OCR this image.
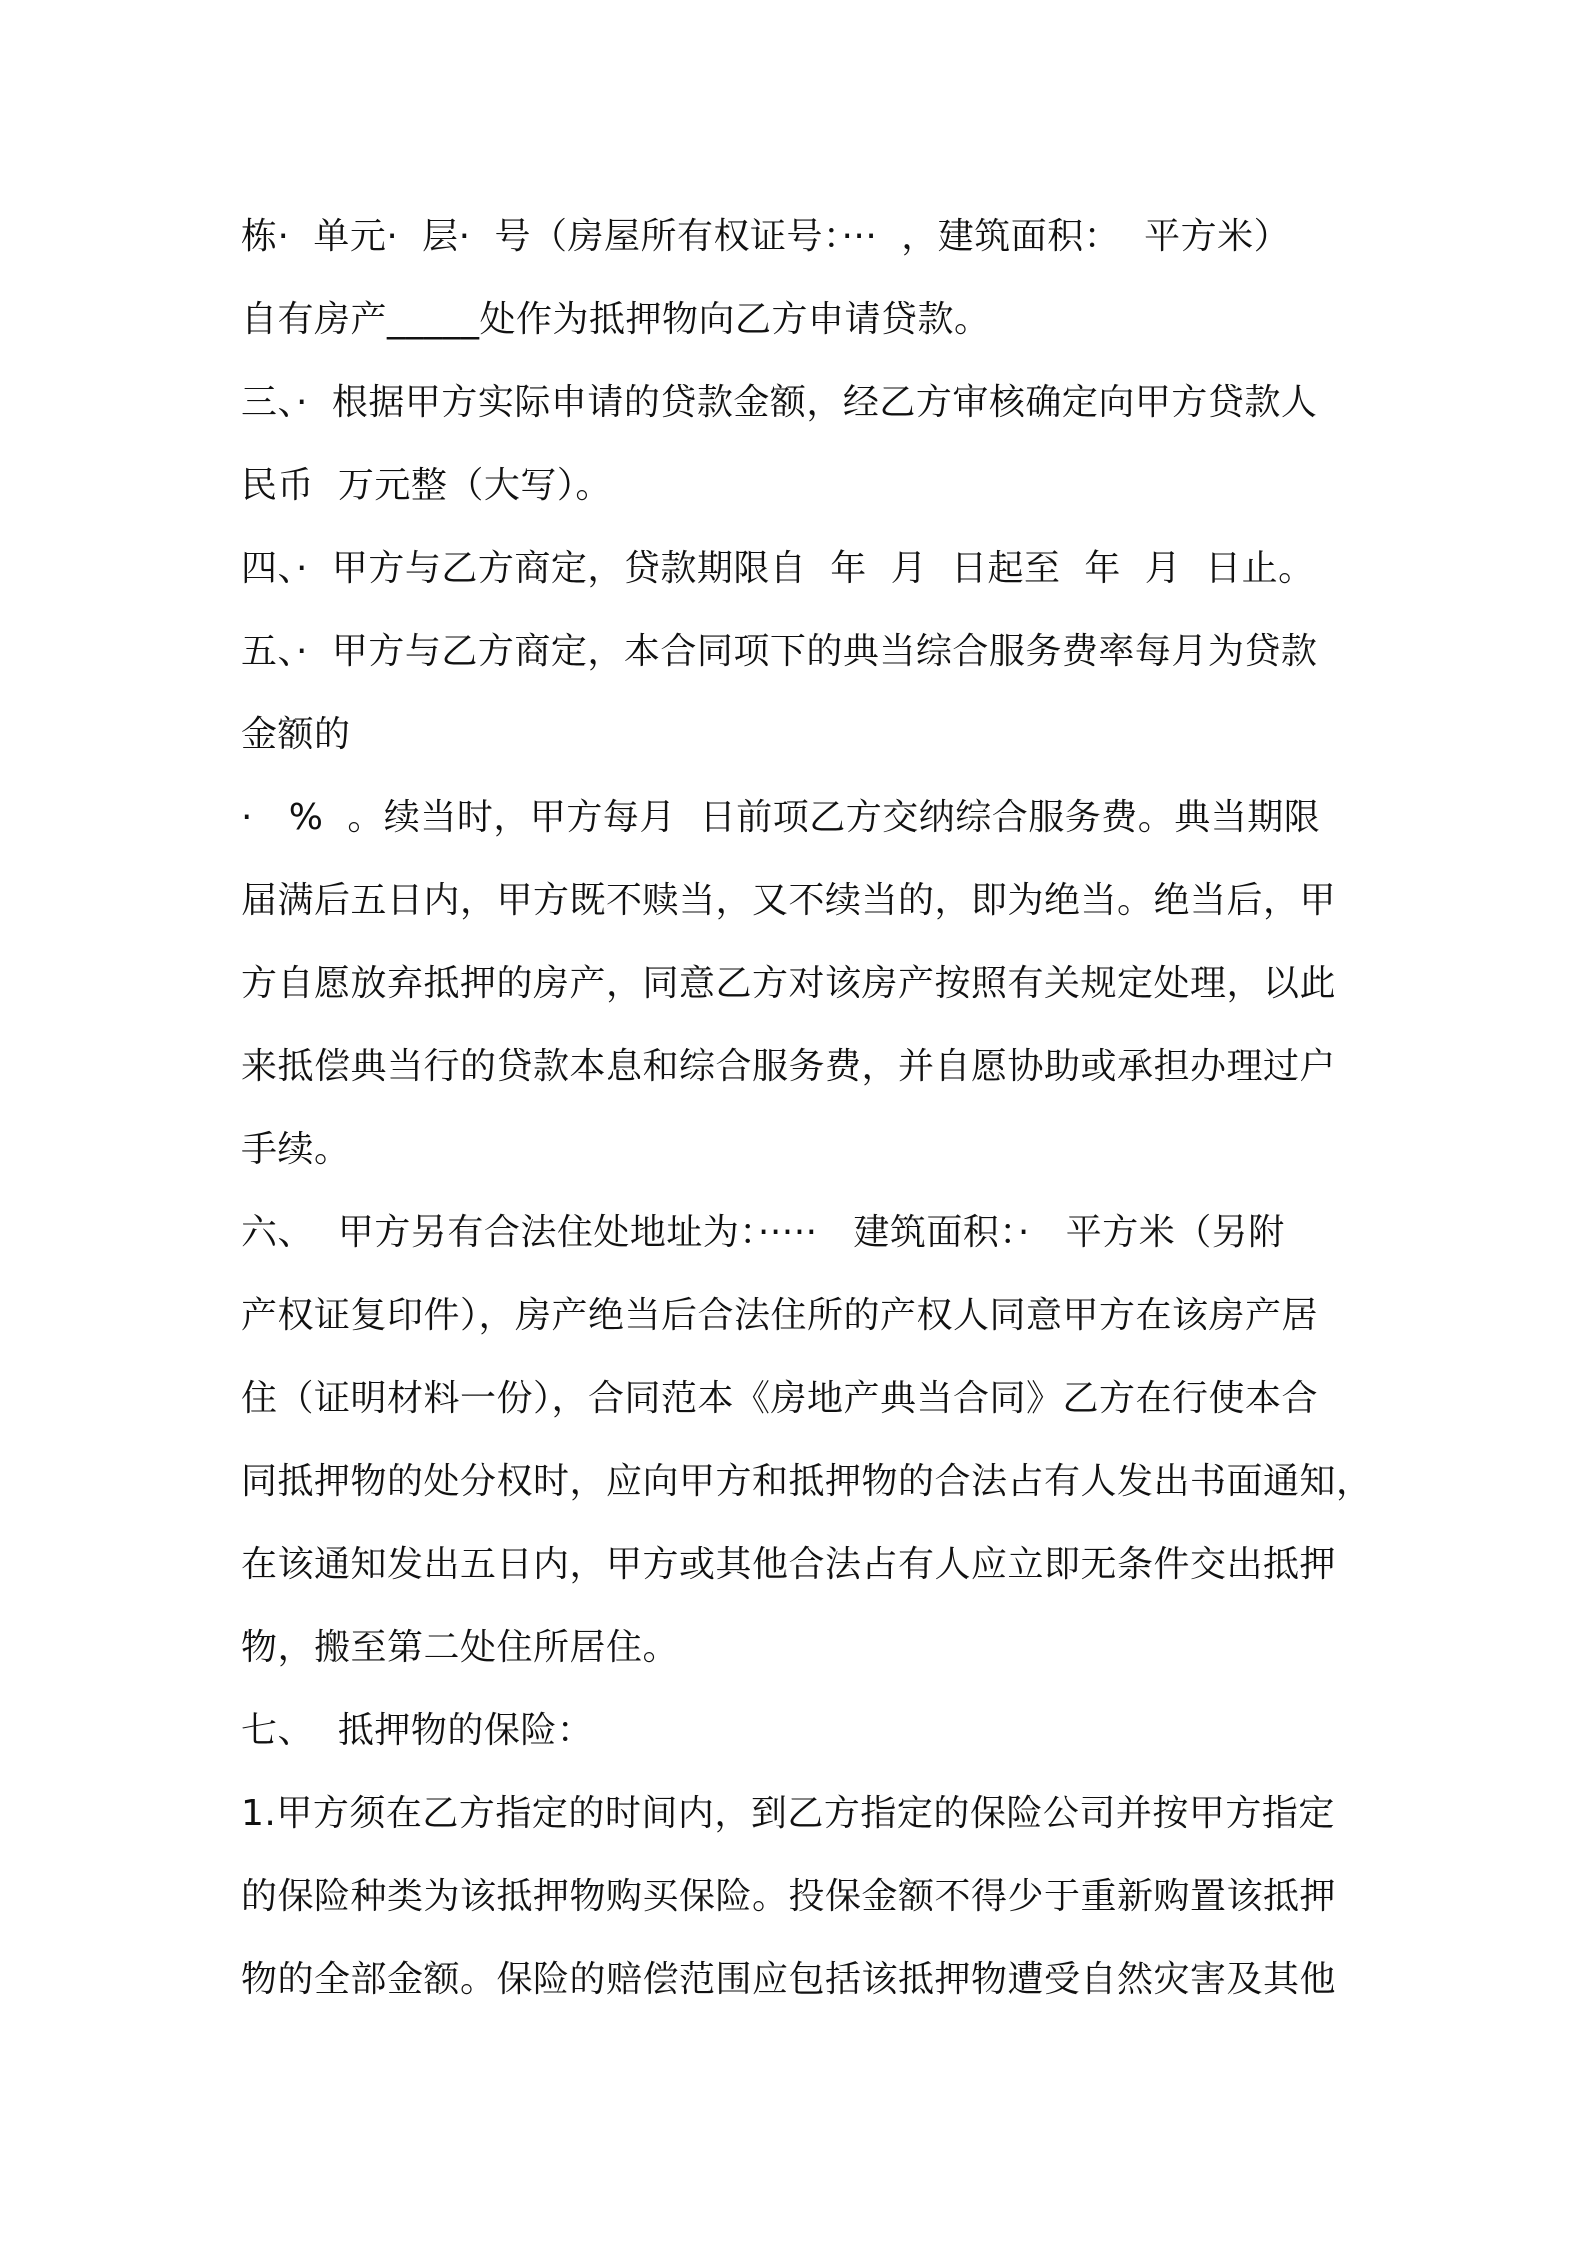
栋·  单元·  层·  号（房屋所有权证号：···  ，建筑面积：  平方米）
自有房产_____处作为抵押物向乙方申请贷款。
三、·  根据甲方实际申请的贷款金额，经乙方审核确定向甲方贷款人
民币  万元整（大写）。
四、·  甲方与乙方商定，贷款期限自  年  月  日起至  年  月  日止。
五、·  甲方与乙方商定，本合同项下的典当综合服务费率每月为贷款
金额的
·   %  。续当时，甲方每月  日前项乙方交纳综合服务费。典当期限
届满后五日内，甲方既不赎当，又不续当的，即为绝当。绝当后，甲
方自愿放弃抵押的房产，同意乙方对该房产按照有关规定处理，以此
来抵偿典当行的贷款本息和综合服务费，并自愿协助或承担办理过户
手续。
六、  甲方另有合法住处地址为：·····   建筑面积：·   平方米（另附
产权证复印件），房产绝当后合法住所的产权人同意甲方在该房产居
住（证明材料一份），合同范本《房地产典当合同》乙方在行使本合
同抵押物的处分权时，应向甲方和抵押物的合法占有人发出书面通知，
在该通知发出五日内，甲方或其他合法占有人应立即无条件交出抵押
物，搬至第二处住所居住。
七、  抵押物的保险：
1.甲方须在乙方指定的时间内，到乙方指定的保险公司并按甲方指定
的保险种类为该抵押物购买保险。投保金额不得少于重新购置该抵押
物的全部金额。保险的赔偿范围应包括该抵押物遭受自然灾害及其他
